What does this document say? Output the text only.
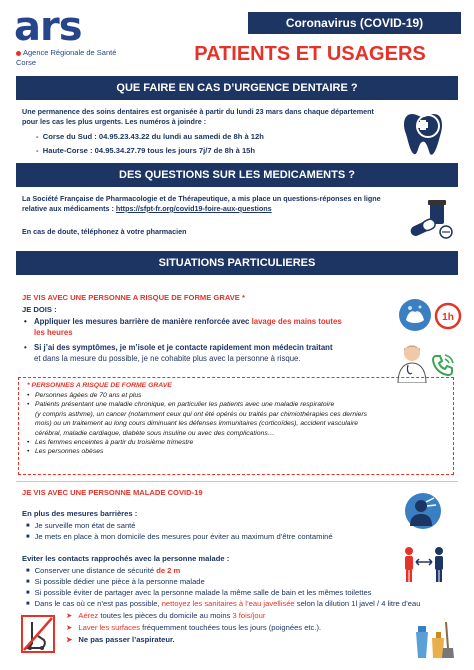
ars
Agence Régionale de Santé
Corse
Coronavirus (COVID-19)
PATIENTS ET USAGERS
QUE FAIRE EN CAS D’URGENCE DENTAIRE ?
Une permanence des soins dentaires est organisée à partir du lundi 23 mars dans chaque département
pour les cas les plus urgents. Les numéros à joindre :
-  Corse du Sud : 04.95.23.43.22 du lundi au samedi de 8h à 12h
-  Haute-Corse : 04.95.34.27.79 tous les jours 7j/7 de 8h à 15h
DES QUESTIONS SUR LES MEDICAMENTS ?
La Société Française de Pharmacologie et de Thérapeutique, a mis place un questions-réponses en ligne
relative aux médicaments : https://sfpt-fr.org/covid19-foire-aux-questions
En cas de doute, téléphonez à votre pharmacien
SITUATIONS PARTICULIERES
JE VIS AVEC UNE PERSONNE A RISQUE DE FORME GRAVE *
JE DOIS :
• Appliquer les mesures barrière de manière renforcée avec lavage des mains toutes
les heures
• Si j’ai des symptômes, je m’isole et je contacte rapidement mon médecin traitant
et dans la mesure du possible, je ne cohabite plus avec la personne à risque.
1h
* PERSONNES A RISQUE DE FORME GRAVE
• Personnes âgées de 70 ans et plus
• Patients présentant une maladie chronique, en particulier les patients avec une maladie respiratoire
(y compris asthme), un cancer (notamment ceux qui ont été opérés ou traités par chimiothérapies ces derniers
mois) ou un traitement au long cours diminuant les défenses immunitaires (corticoïdes), accident vasculaire
cérébral, maladie cardiaque, diabète sous insuline ou avec des complications…
• Les femmes enceintes à partir du troisième trimestre
• Les personnes obèses
JE VIS AVEC UNE PERSONNE MALADE COVID-19
En plus des mesures barrières :
■ Je surveille mon état de santé
■ Je mets en place à mon domicile des mesures pour éviter au maximum d’être contaminé
Eviter les contacts rapprochés avec la personne malade :
■ Conserver une distance de sécurité de 2 m
■ Si possible dédier une pièce à la personne malade
■ Si possible éviter de partager avec la personne malade la même salle de bain et les mêmes toilettes
■ Dans le cas où ce n’est pas possible, nettoyez les sanitaires à l’eau javellisée selon la dilution 1l javel / 4 litre d’eau
➤ Aérez toutes les pièces du domicile au moins 3 fois/jour
➤ Laver les surfaces fréquemment touchées tous les jours (poignées etc.).
➤ Ne pas passer l’aspirateur.
